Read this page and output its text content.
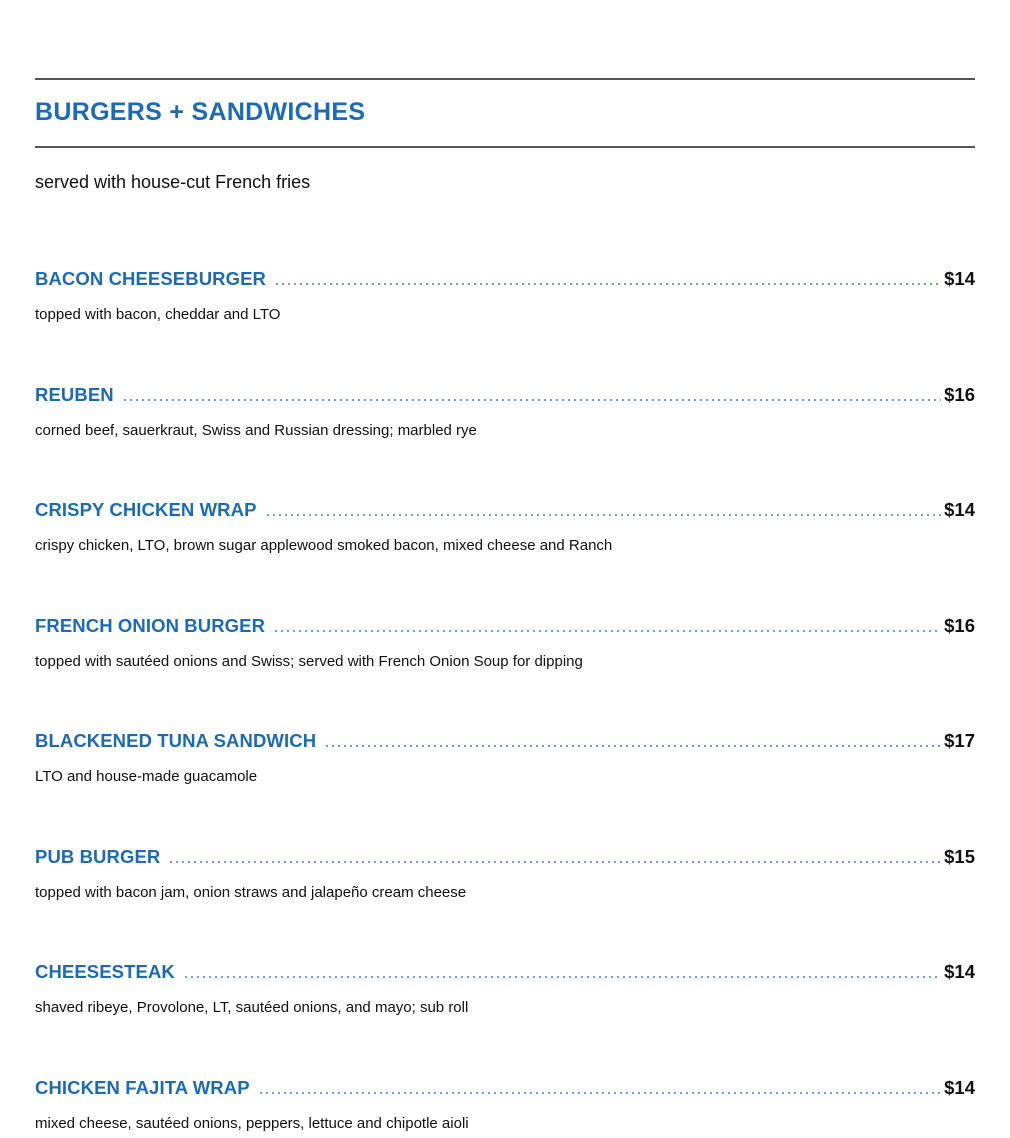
BURGERS + SANDWICHES

served with house-cut French fries

BACON CHEESEBURGER	$14

topped with bacon, cheddar and LTO

REUBEN	$16

corned beef, sauerkraut, Swiss and Russian dressing; marbled rye

CRISPY CHICKEN WRAP	$14

crispy chicken, LTO, brown sugar applewood smoked bacon, mixed cheese and Ranch

FRENCH ONION BURGER	$16

topped with sautéed onions and Swiss; served with French Onion Soup for dipping

BLACKENED TUNA SANDWICH	$17

LTO and house-made guacamole

PUB BURGER	$15

topped with bacon jam, onion straws and jalapeño cream cheese

CHEESESTEAK	$14

shaved ribeye, Provolone, LT, sautéed onions, and mayo; sub roll

CHICKEN FAJITA WRAP	$14

mixed cheese, sautéed onions, peppers, lettuce and chipotle aioli
